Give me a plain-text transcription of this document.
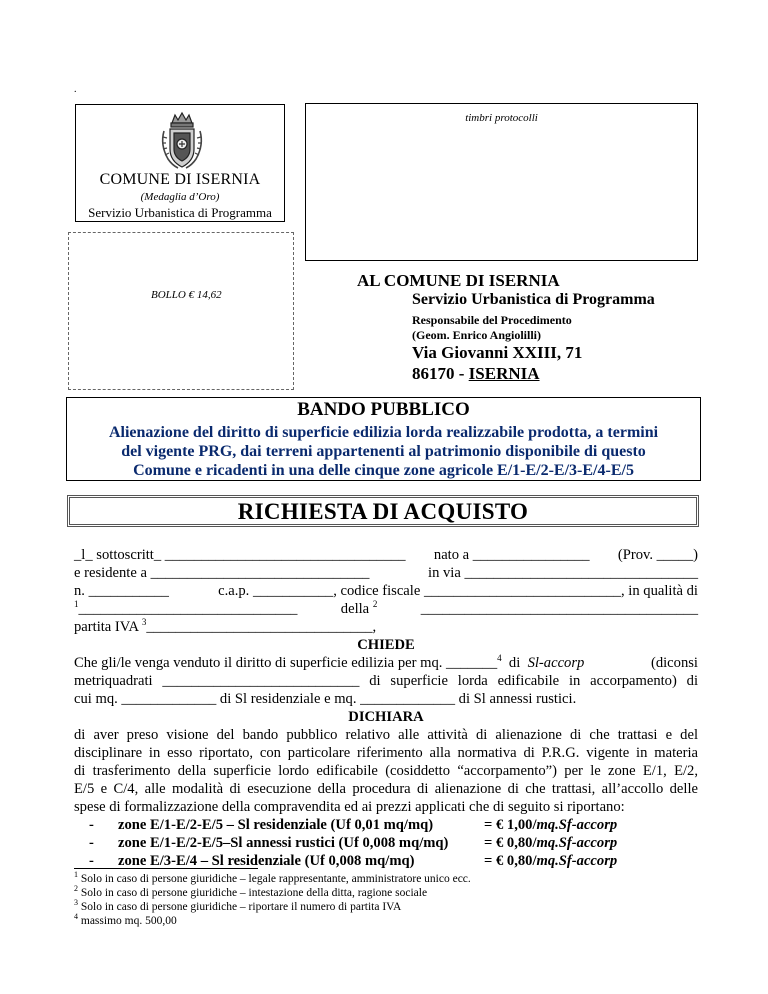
.
COMUNE DI ISERNIA
(Medaglia d’Oro)
Servizio Urbanistica di Programma
timbri protocolli
BOLLO € 14,62
AL COMUNE DI ISERNIA
Servizio Urbanistica di Programma
Responsabile del Procedimento
(Geom. Enrico Angiolilli)
Via Giovanni XXIII, 71
86170 - ISERNIA
BANDO PUBBLICO
Alienazione del diritto di superficie edilizia lorda realizzabile prodotta, a termini
del vigente PRG, dai terreni appartenenti al patrimonio disponibile di questo
Comune e ricadenti in una delle cinque zone agricole E/1-E/2-E/3-E/4-E/5
RICHIESTA DI ACQUISTO
_l_ sottoscritt_ _________________________________ nato a ________________ (Prov. _____)
e residente a ______________________________	in via ________________________________
n. ___________	c.a.p. ___________, codice fiscale ___________________________, in qualità di
$^1$______________________________	della $^2$	______________________________________
partita IVA $^3$_______________________________,
CHIEDE
Che gli/le venga venduto il diritto di superficie edilizia per mq. _______$^4$ di Sl-accorp	(diconsi
metriquadrati ___________________________ di superficie lorda edificabile in accorpamento) di
cui mq. _____________ di Sl residenziale e mq. _____________ di Sl annessi rustici.
DICHIARA
di aver preso visione del bando pubblico relativo alle attività di alienazione di che trattasi e del
disciplinare in esso riportato, con particolare riferimento alla normativa di P.R.G. vigente in materia
di trasferimento della superficie lordo edificabile (cosiddetto “accorpamento”) per le zone E/1, E/2,
E/5 e C/4, alle modalità di esecuzione della procedura di alienazione di che trattasi, all’accollo delle
spese di formalizzazione della compravendita ed ai prezzi applicati che di seguito si riportano:
- zone E/1-E/2-E/5 – Sl residenziale (Uf 0,01 mq/mq)	= € 1,00/mq.Sf-accorp
- zone E/1-E/2-E/5–Sl annessi rustici (Uf 0,008 mq/mq) = € 0,80/mq.Sf-accorp
- zone E/3-E/4 – Sl residenziale (Uf 0,008 mq/mq)	= € 0,80/mq.Sf-accorp
$^1$ Solo in caso di persone giuridiche – legale rappresentante, amministratore unico ecc.
$^2$ Solo in caso di persone giuridiche – intestazione della ditta, ragione sociale
$^3$ Solo in caso di persone giuridiche – riportare il numero di partita IVA
$^4$ massimo mq. 500,00
